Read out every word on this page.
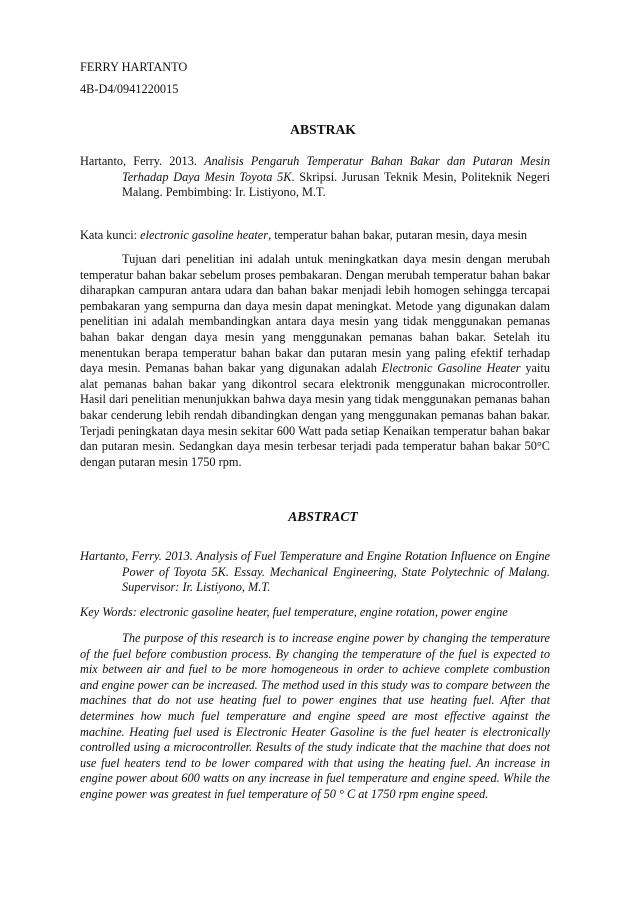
FERRY HARTANTO
4B-D4/0941220015
ABSTRAK
Hartanto, Ferry. 2013. Analisis Pengaruh Temperatur Bahan Bakar dan Putaran Mesin Terhadap Daya Mesin Toyota 5K. Skripsi. Jurusan Teknik Mesin, Politeknik Negeri Malang. Pembimbing: Ir. Listiyono, M.T.
Kata kunci: electronic gasoline heater, temperatur bahan bakar, putaran mesin, daya mesin
Tujuan dari penelitian ini adalah untuk meningkatkan daya mesin dengan merubah temperatur bahan bakar sebelum proses pembakaran. Dengan merubah temperatur bahan bakar diharapkan campuran antara udara dan bahan bakar menjadi lebih homogen sehingga tercapai pembakaran yang sempurna dan daya mesin dapat meningkat. Metode yang digunakan dalam penelitian ini adalah membandingkan antara daya mesin yang tidak menggunakan pemanas bahan bakar dengan daya mesin yang menggunakan pemanas bahan bakar. Setelah itu menentukan berapa temperatur bahan bakar dan putaran mesin yang paling efektif terhadap daya mesin. Pemanas bahan bakar yang digunakan adalah Electronic Gasoline Heater yaitu alat pemanas bahan bakar yang dikontrol secara elektronik menggunakan microcontroller. Hasil dari penelitian menunjukkan bahwa daya mesin yang tidak menggunakan pemanas bahan bakar cenderung lebih rendah dibandingkan dengan yang menggunakan pemanas bahan bakar. Terjadi peningkatan daya mesin sekitar 600 Watt pada setiap Kenaikan temperatur bahan bakar dan putaran mesin. Sedangkan daya mesin terbesar terjadi pada temperatur bahan bakar 50°C dengan putaran mesin 1750 rpm.
ABSTRACT
Hartanto, Ferry. 2013. Analysis of Fuel Temperature and Engine Rotation Influence on Engine Power of Toyota 5K. Essay. Mechanical Engineering, State Polytechnic of Malang. Supervisor: Ir. Listiyono, M.T.
Key Words: electronic gasoline heater, fuel temperature, engine rotation, power engine
The purpose of this research is to increase engine power by changing the temperature of the fuel before combustion process. By changing the temperature of the fuel is expected to mix between air and fuel to be more homogeneous in order to achieve complete combustion and engine power can be increased. The method used in this study was to compare between the machines that do not use heating fuel to power engines that use heating fuel. After that determines how much fuel temperature and engine speed are most effective against the machine. Heating fuel used is Electronic Heater Gasoline is the fuel heater is electronically controlled using a microcontroller. Results of the study indicate that the machine that does not use fuel heaters tend to be lower compared with that using the heating fuel. An increase in engine power about 600 watts on any increase in fuel temperature and engine speed. While the engine power was greatest in fuel temperature of 50 ° C at 1750 rpm engine speed.
